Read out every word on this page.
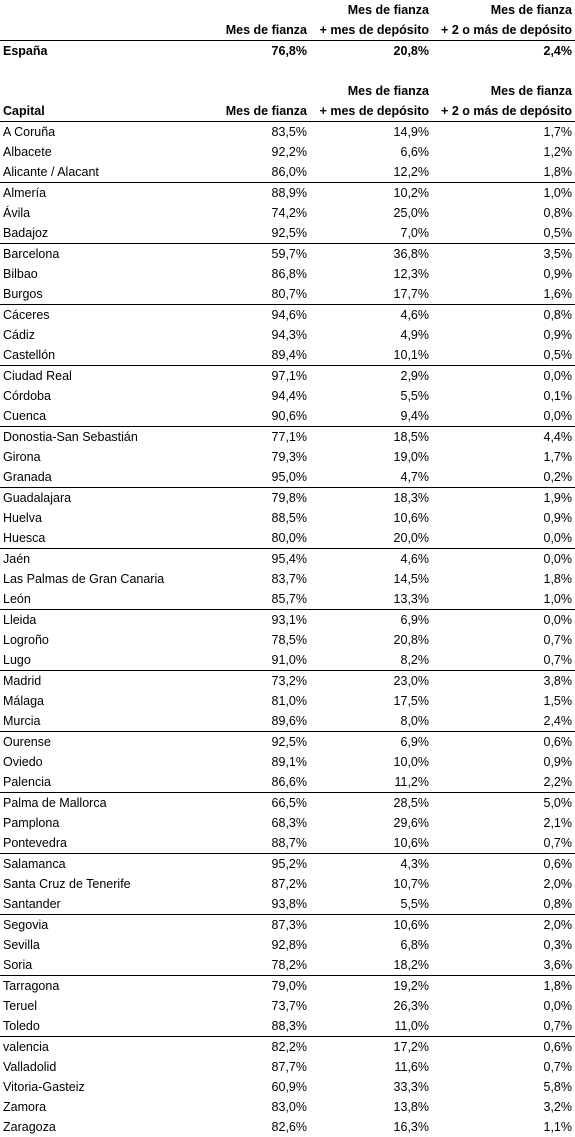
		Mes de fianza	Mes de fianza
	Mes de fianza	+ mes de depósito	+ 2 o más de depósito
España	76,8%	20,8%	2,4%

		Mes de fianza	Mes de fianza
Capital	Mes de fianza	+ mes de depósito	+ 2 o más de depósito
A Coruña	83,5%	14,9%	1,7%
Albacete	92,2%	6,6%	1,2%
Alicante / Alacant	86,0%	12,2%	1,8%
Almería	88,9%	10,2%	1,0%
Ávila	74,2%	25,0%	0,8%
Badajoz	92,5%	7,0%	0,5%
Barcelona	59,7%	36,8%	3,5%
Bilbao	86,8%	12,3%	0,9%
Burgos	80,7%	17,7%	1,6%
Cáceres	94,6%	4,6%	0,8%
Cádiz	94,3%	4,9%	0,9%
Castellón	89,4%	10,1%	0,5%
Ciudad Real	97,1%	2,9%	0,0%
Córdoba	94,4%	5,5%	0,1%
Cuenca	90,6%	9,4%	0,0%
Donostia-San Sebastián	77,1%	18,5%	4,4%
Girona	79,3%	19,0%	1,7%
Granada	95,0%	4,7%	0,2%
Guadalajara	79,8%	18,3%	1,9%
Huelva	88,5%	10,6%	0,9%
Huesca	80,0%	20,0%	0,0%
Jaén	95,4%	4,6%	0,0%
Las Palmas de Gran Canaria	83,7%	14,5%	1,8%
León	85,7%	13,3%	1,0%
Lleida	93,1%	6,9%	0,0%
Logroño	78,5%	20,8%	0,7%
Lugo	91,0%	8,2%	0,7%
Madrid	73,2%	23,0%	3,8%
Málaga	81,0%	17,5%	1,5%
Murcia	89,6%	8,0%	2,4%
Ourense	92,5%	6,9%	0,6%
Oviedo	89,1%	10,0%	0,9%
Palencia	86,6%	11,2%	2,2%
Palma de Mallorca	66,5%	28,5%	5,0%
Pamplona	68,3%	29,6%	2,1%
Pontevedra	88,7%	10,6%	0,7%
Salamanca	95,2%	4,3%	0,6%
Santa Cruz de Tenerife	87,2%	10,7%	2,0%
Santander	93,8%	5,5%	0,8%
Segovia	87,3%	10,6%	2,0%
Sevilla	92,8%	6,8%	0,3%
Soria	78,2%	18,2%	3,6%
Tarragona	79,0%	19,2%	1,8%
Teruel	73,7%	26,3%	0,0%
Toledo	88,3%	11,0%	0,7%
valencia	82,2%	17,2%	0,6%
Valladolid	87,7%	11,6%	0,7%
Vitoria-Gasteiz	60,9%	33,3%	5,8%
Zamora	83,0%	13,8%	3,2%
Zaragoza	82,6%	16,3%	1,1%
